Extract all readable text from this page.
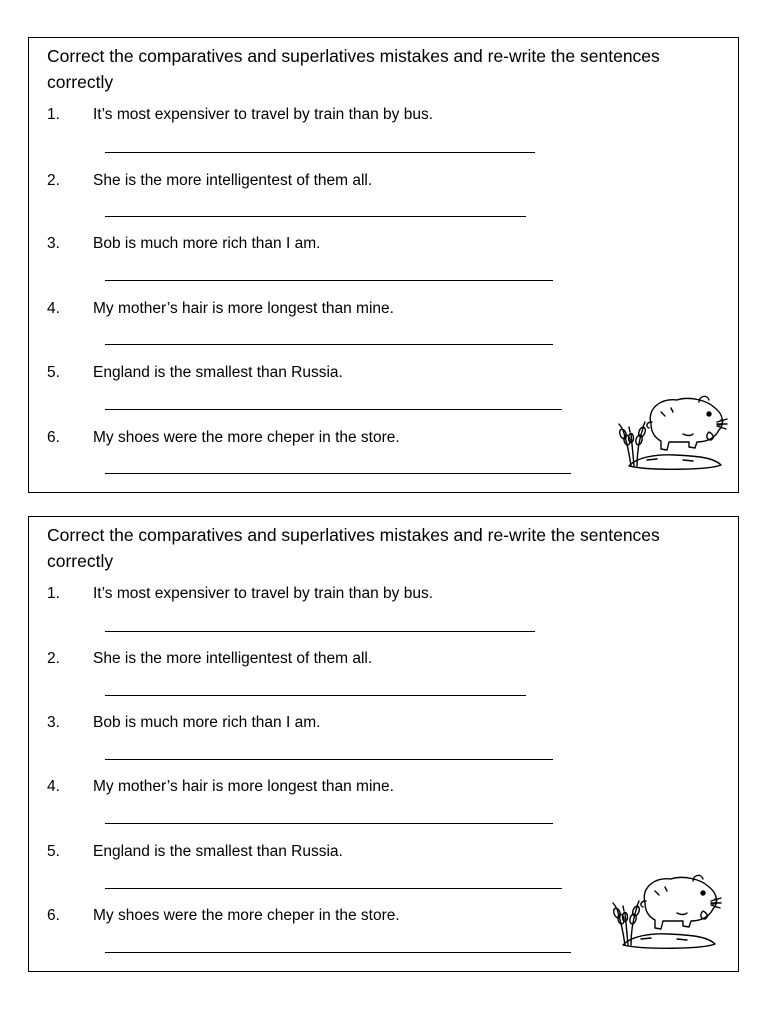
Correct the comparatives and superlatives mistakes and re-write the sentences correctly
1. It’s most expensiver to travel by train than by bus.
2. She is the more intelligentest of them all.
3. Bob is much more rich than I am.
4. My mother’s hair is more longest than mine.
5. England is the smallest than Russia.
6. My shoes were the more cheper in the store.
Correct the comparatives and superlatives mistakes and re-write the sentences correctly
1. It’s most expensiver to travel by train than by bus.
2. She is the more intelligentest of them all.
3. Bob is much more rich than I am.
4. My mother’s hair is more longest than mine.
5. England is the smallest than Russia.
6. My shoes were the more cheper in the store.
